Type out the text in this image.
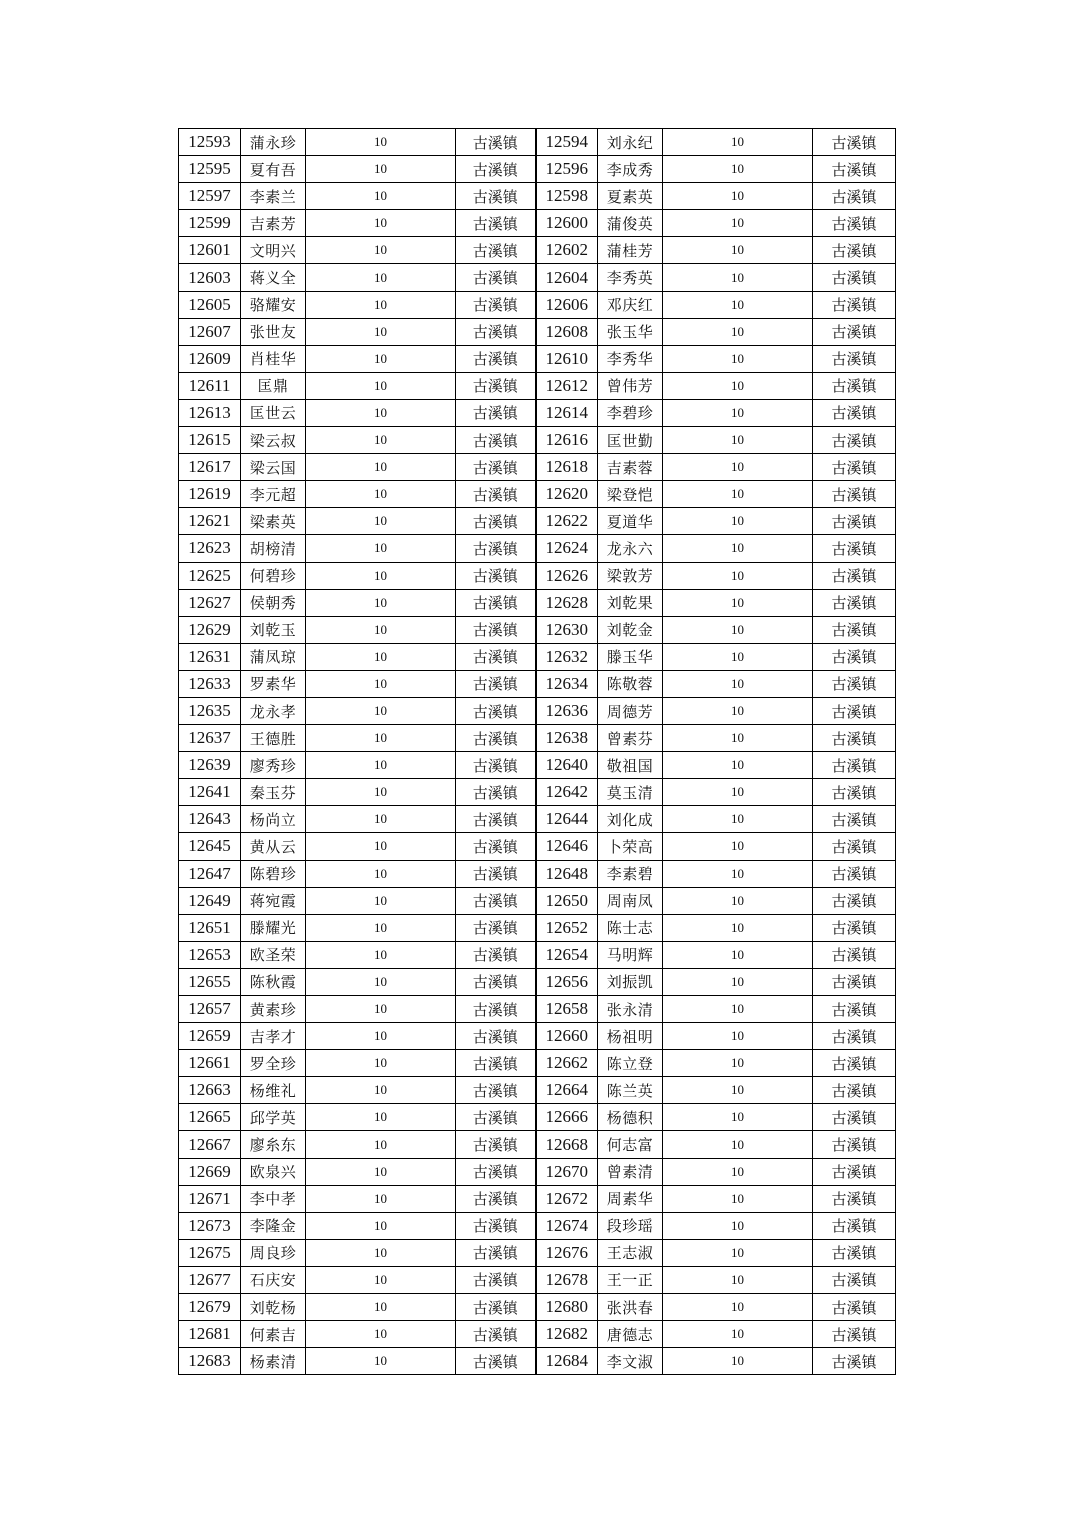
12593	蒲永珍	10	古溪镇	12594	刘永纪	10	古溪镇
12595	夏有吾	10	古溪镇	12596	李成秀	10	古溪镇
12597	李素兰	10	古溪镇	12598	夏素英	10	古溪镇
12599	吉素芳	10	古溪镇	12600	蒲俊英	10	古溪镇
12601	文明兴	10	古溪镇	12602	蒲桂芳	10	古溪镇
12603	蒋义全	10	古溪镇	12604	李秀英	10	古溪镇
12605	骆耀安	10	古溪镇	12606	邓庆红	10	古溪镇
12607	张世友	10	古溪镇	12608	张玉华	10	古溪镇
12609	肖桂华	10	古溪镇	12610	李秀华	10	古溪镇
12611	匡鼎	10	古溪镇	12612	曾伟芳	10	古溪镇
12613	匡世云	10	古溪镇	12614	李碧珍	10	古溪镇
12615	梁云叔	10	古溪镇	12616	匡世勤	10	古溪镇
12617	梁云国	10	古溪镇	12618	吉素蓉	10	古溪镇
12619	李元超	10	古溪镇	12620	梁登恺	10	古溪镇
12621	梁素英	10	古溪镇	12622	夏道华	10	古溪镇
12623	胡榜清	10	古溪镇	12624	龙永六	10	古溪镇
12625	何碧珍	10	古溪镇	12626	梁敦芳	10	古溪镇
12627	侯朝秀	10	古溪镇	12628	刘乾果	10	古溪镇
12629	刘乾玉	10	古溪镇	12630	刘乾金	10	古溪镇
12631	蒲凤琼	10	古溪镇	12632	滕玉华	10	古溪镇
12633	罗素华	10	古溪镇	12634	陈敬蓉	10	古溪镇
12635	龙永孝	10	古溪镇	12636	周德芳	10	古溪镇
12637	王德胜	10	古溪镇	12638	曾素芬	10	古溪镇
12639	廖秀珍	10	古溪镇	12640	敬祖国	10	古溪镇
12641	秦玉芬	10	古溪镇	12642	莫玉清	10	古溪镇
12643	杨尚立	10	古溪镇	12644	刘化成	10	古溪镇
12645	黄从云	10	古溪镇	12646	卜荣高	10	古溪镇
12647	陈碧珍	10	古溪镇	12648	李素碧	10	古溪镇
12649	蒋宛霞	10	古溪镇	12650	周南凤	10	古溪镇
12651	滕耀光	10	古溪镇	12652	陈士志	10	古溪镇
12653	欧圣荣	10	古溪镇	12654	马明辉	10	古溪镇
12655	陈秋霞	10	古溪镇	12656	刘振凯	10	古溪镇
12657	黄素珍	10	古溪镇	12658	张永清	10	古溪镇
12659	吉孝才	10	古溪镇	12660	杨祖明	10	古溪镇
12661	罗全珍	10	古溪镇	12662	陈立登	10	古溪镇
12663	杨维礼	10	古溪镇	12664	陈兰英	10	古溪镇
12665	邱学英	10	古溪镇	12666	杨德积	10	古溪镇
12667	廖糸东	10	古溪镇	12668	何志富	10	古溪镇
12669	欧泉兴	10	古溪镇	12670	曾素清	10	古溪镇
12671	李中孝	10	古溪镇	12672	周素华	10	古溪镇
12673	李隆金	10	古溪镇	12674	段珍瑶	10	古溪镇
12675	周良珍	10	古溪镇	12676	王志淑	10	古溪镇
12677	石庆安	10	古溪镇	12678	王一正	10	古溪镇
12679	刘乾杨	10	古溪镇	12680	张洪春	10	古溪镇
12681	何素吉	10	古溪镇	12682	唐德志	10	古溪镇
12683	杨素清	10	古溪镇	12684	李文淑	10	古溪镇
